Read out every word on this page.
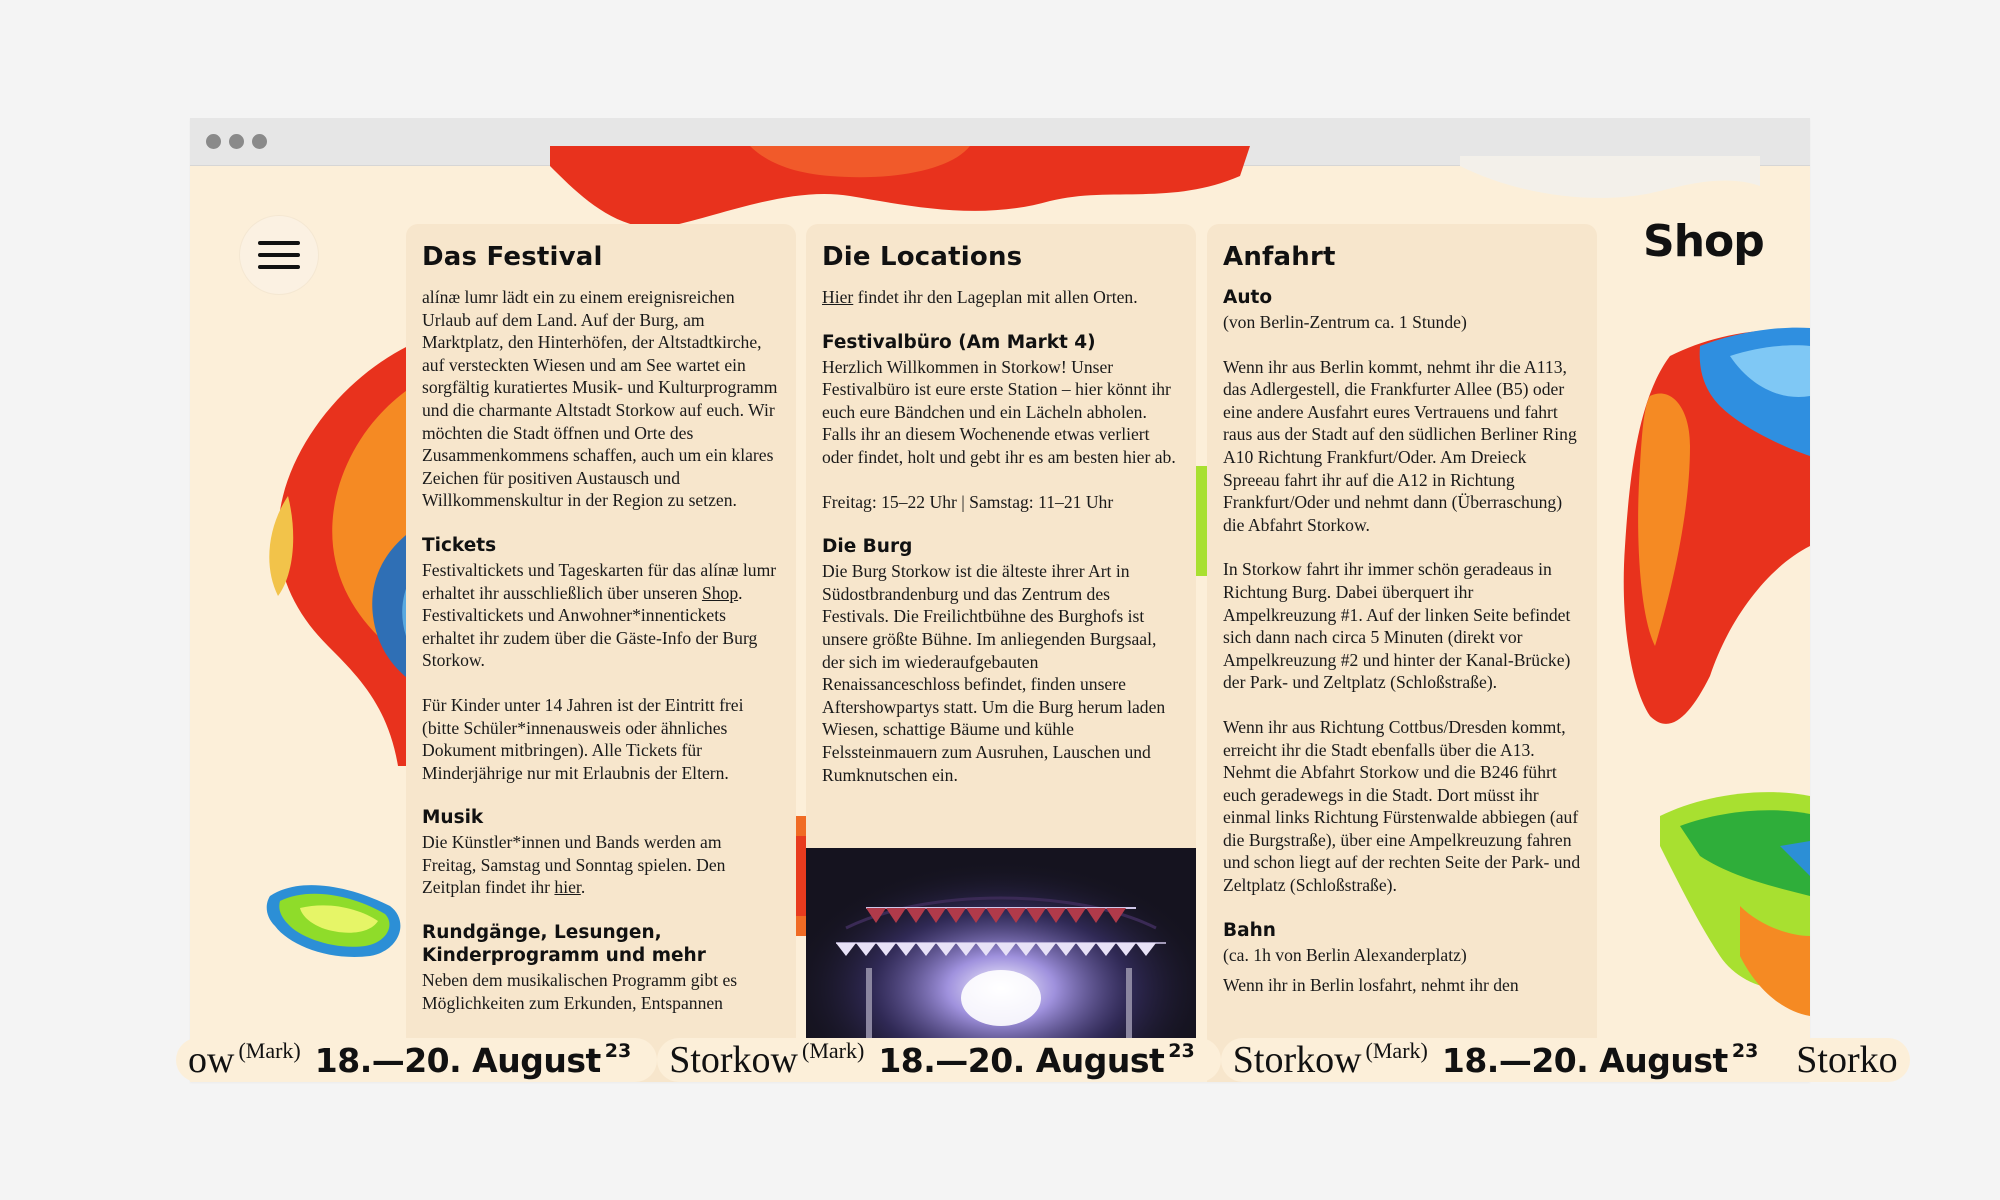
Shop
Das Festival

alínæ lumr lädt ein zu einem ereignisreichen Urlaub auf dem Land. Auf der Burg, am Marktplatz, den Hinterhöfen, der Altstadtkirche, auf versteckten Wiesen und am See wartet ein sorgfältig kuratiertes Musik- und Kulturprogramm und die charmante Altstadt Storkow auf euch. Wir möchten die Stadt öffnen und Orte des Zusammenkommens schaffen, auch um ein klares Zeichen für positiven Austausch und Willkommenskultur in der Region zu setzen.

Tickets

Festivaltickets und Tageskarten für das alínæ lumr erhaltet ihr ausschließlich über unseren Shop. Festivaltickets und Anwohner*innentickets erhaltet ihr zudem über die Gäste-Info der Burg Storkow.

Für Kinder unter 14 Jahren ist der Eintritt frei (bitte Schüler*innenausweis oder ähnliches Dokument mitbringen). Alle Tickets für Minderjährige nur mit Erlaubnis der Eltern.

Musik

Die Künstler*innen und Bands werden am Freitag, Samstag und Sonntag spielen. Den Zeitplan findet ihr hier.

Rundgänge, Lesungen, Kinderprogramm und mehr

Neben dem musikalischen Programm gibt es Möglichkeiten zum Erkunden, Entspannen

Die Locations

Hier findet ihr den Lageplan mit allen Orten.

Festivalbüro (Am Markt 4)

Herzlich Willkommen in Storkow! Unser Festivalbüro ist eure erste Station – hier könnt ihr euch eure Bändchen und ein Lächeln abholen. Falls ihr an diesem Wochenende etwas verliert oder findet, holt und gebt ihr es am besten hier ab.

Freitag: 15–22 Uhr | Samstag: 11–21 Uhr

Die Burg

Die Burg Storkow ist die älteste ihrer Art in Südostbrandenburg und das Zentrum des Festivals. Die Freilichtbühne des Burghofs ist unsere größte Bühne. Im anliegenden Burgsaal, der sich im wiederaufgebauten Renaissanceschloss befindet, finden unsere Aftershowpartys statt. Um die Burg herum laden Wiesen, schattige Bäume und kühle Felssteinmauern zum Ausruhen, Lauschen und Rumknutschen ein.

Anfahrt
Auto

(von Berlin-Zentrum ca. 1 Stunde)

Wenn ihr aus Berlin kommt, nehmt ihr die A113, das Adlergestell, die Frankfurter Allee (B5) oder eine andere Ausfahrt eures Vertrauens und fahrt raus aus der Stadt auf den südlichen Berliner Ring A10 Richtung Frankfurt/Oder. Am Dreieck Spreeau fahrt ihr auf die A12 in Richtung Frankfurt/Oder und nehmt dann (Überraschung) die Abfahrt Storkow.

In Storkow fahrt ihr immer schön geradeaus in Richtung Burg. Dabei überquert ihr Ampelkreuzung #1. Auf der linken Seite befindet sich dann nach circa 5 Minuten (direkt vor Ampelkreuzung #2 und hinter der Kanal-Brücke) der Park- und Zeltplatz (Schloßstraße).

Wenn ihr aus Richtung Cottbus/Dresden kommt, erreicht ihr die Stadt ebenfalls über die A13. Nehmt die Abfahrt Storkow und die B246 führt euch geradewegs in die Stadt. Dort müsst ihr einmal links Richtung Fürstenwalde abbiegen (auf die Burgstraße), über eine Ampelkreuzung fahren und schon liegt auf der rechten Seite der Park- und Zeltplatz (Schloßstraße).

Bahn

(ca. 1h von Berlin Alexanderplatz)

Wenn ihr in Berlin losfahrt, nehmt ihr den

ow (Mark) 18.—20. August 23 Storkow (Mark) 18.—20. August 23 Storkow (Mark) 18.—20. August 23 Storko
